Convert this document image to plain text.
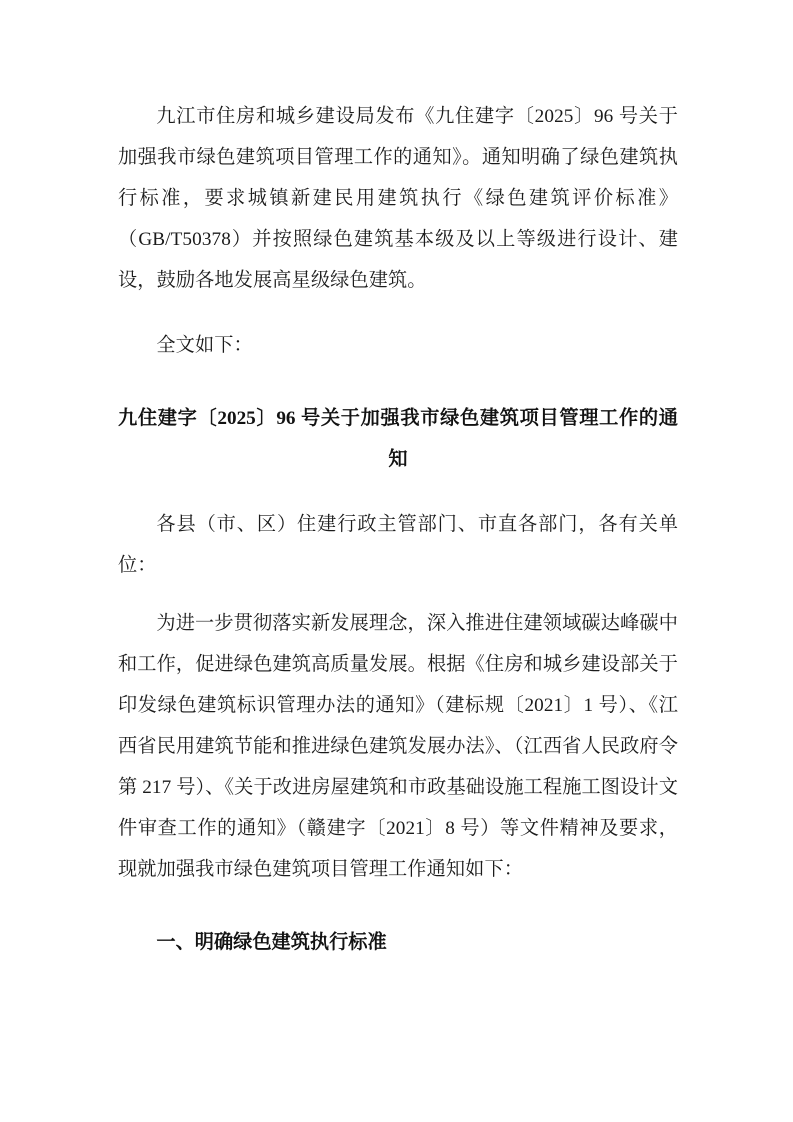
九江市住房和城乡建设局发布《九住建字〔2025〕96 号关于加强我市绿色建筑项目管理工作的通知》。通知明确了绿色建筑执行标准，要求城镇新建民用建筑执行《绿色建筑评价标准》（GB/T50378）并按照绿色建筑基本级及以上等级进行设计、建设，鼓励各地发展高星级绿色建筑。

全文如下：

九住建字〔2025〕96 号关于加强我市绿色建筑项目管理工作的通知

各县（市、区）住建行政主管部门、市直各部门，各有关单位：

为进一步贯彻落实新发展理念，深入推进住建领域碳达峰碳中和工作，促进绿色建筑高质量发展。根据《住房和城乡建设部关于印发绿色建筑标识管理办法的通知》（建标规〔2021〕1 号）、《江西省民用建筑节能和推进绿色建筑发展办法》、（江西省人民政府令第 217 号）、《关于改进房屋建筑和市政基础设施工程施工图设计文件审查工作的通知》（赣建字〔2021〕8 号）等文件精神及要求，现就加强我市绿色建筑项目管理工作通知如下：

一、明确绿色建筑执行标准
